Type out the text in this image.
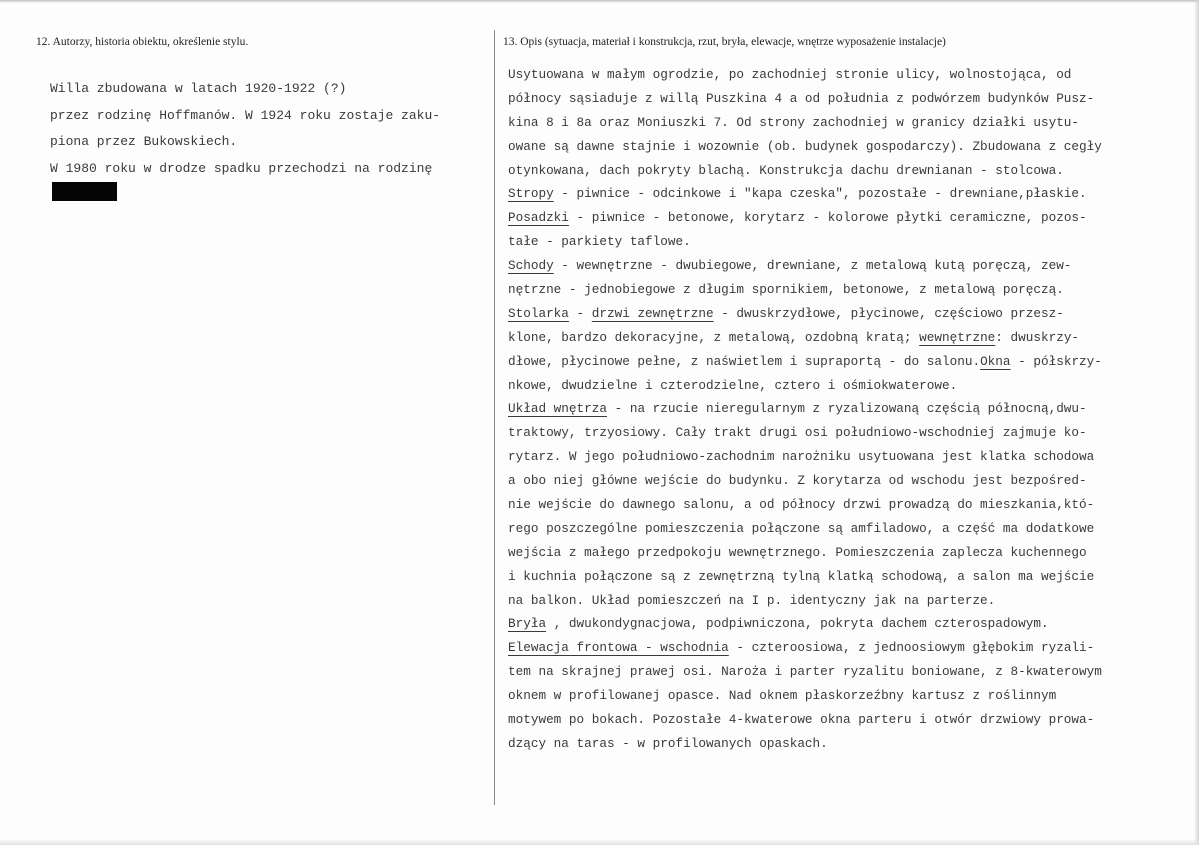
12. Autorzy, historia obiektu, określenie stylu.	13. Opis (sytuacja, materiał i konstrukcja, rzut, bryła, elewacje, wnętrze wyposażenie instalacje)
Willa zbudowana w latach 1920-1922 (?)
przez rodzinę Hoffmanów. W 1924 roku zostaje zaku-
piona przez Bukowskiech.
W 1980 roku w drodze spadku przechodzi na rodzinę
Usytuowana w małym ogrodzie, po zachodniej stronie ulicy, wolnostojąca, od
północy sąsiaduje z willą Puszkina 4 a od południa z podwórzem budynków Pusz-
kina 8 i 8a oraz Moniuszki 7. Od strony zachodniej w granicy działki usytu-
owane są dawne stajnie i wozownie (ob. budynek gospodarczy). Zbudowana z cegły
otynkowana, dach pokryty blachą. Konstrukcja dachu drewnianan - stolcowa.
Stropy - piwnice - odcinkowe i "kapa czeska", pozostałe - drewniane,płaskie.
Posadzki - piwnice - betonowe, korytarz - kolorowe płytki ceramiczne, pozos-
tałe - parkiety taflowe.
Schody - wewnętrzne - dwubiegowe, drewniane, z metalową kutą poręczą, zew-
nętrzne - jednobiegowe z długim spornikiem, betonowe, z metalową poręczą.
Stolarka - drzwi zewnętrzne - dwuskrzydłowe, płycinowe, częściowo przesz-
klone, bardzo dekoracyjne, z metalową, ozdobną kratą; wewnętrzne: dwuskrzy-
dłowe, płycinowe pełne, z naświetlem i supraportą - do salonu.Okna - półskrzy-
nkowe, dwudzielne i czterodzielne, cztero i ośmiokwaterowe.
Układ wnętrza - na rzucie nieregularnym z ryzalizowaną częścią północną,dwu-
traktowy, trzyosiowy. Cały trakt drugi osi południowo-wschodniej zajmuje ko-
rytarz. W jego południowo-zachodnim narożniku usytuowana jest klatka schodowa
a obo niej główne wejście do budynku. Z korytarza od wschodu jest bezpośred-
nie wejście do dawnego salonu, a od północy drzwi prowadzą do mieszkania,któ-
rego poszczególne pomieszczenia połączone są amfiladowo, a część ma dodatkowe
wejścia z małego przedpokoju wewnętrznego. Pomieszczenia zaplecza kuchennego
i kuchnia połączone są z zewnętrzną tylną klatką schodową, a salon ma wejście
na balkon. Układ pomieszczeń na I p. identyczny jak na parterze.
Bryła , dwukondygnacjowa, podpiwniczona, pokryta dachem czterospadowym.
Elewacja frontowa - wschodnia - czteroosiowa, z jednoosiowym głębokim ryzali-
tem na skrajnej prawej osi. Naroża i parter ryzalitu boniowane, z 8-kwaterowym
oknem w profilowanej opasce. Nad oknem płaskorzeźbny kartusz z roślinnym
motywem po bokach. Pozostałe 4-kwaterowe okna parteru i otwór drzwiowy prowa-
dzący na taras - w profilowanych opaskach.
